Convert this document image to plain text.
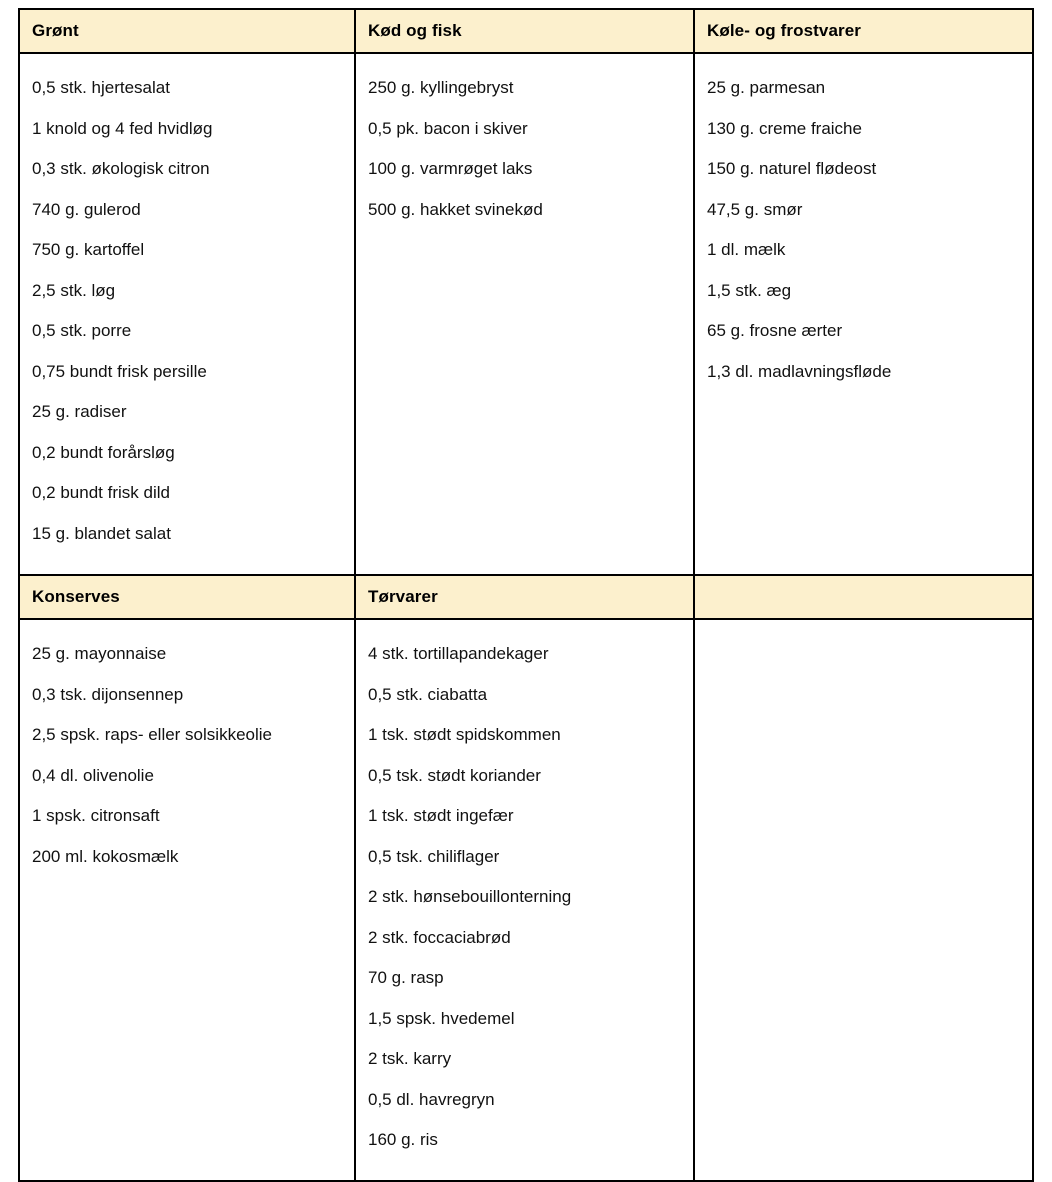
Grønt	Kød og fisk	Køle- og frostvarer

0,5 stk. hjertesalat
1 knold og 4 fed hvidløg
0,3 stk. økologisk citron
740 g. gulerod
750 g. kartoffel
2,5 stk. løg
0,5 stk. porre
0,75 bundt frisk persille
25 g. radiser
0,2 bundt forårsløg
0,2 bundt frisk dild
15 g. blandet salat

250 g. kyllingebryst
0,5 pk. bacon i skiver
100 g. varmrøget laks
500 g. hakket svinekød

25 g. parmesan
130 g. creme fraiche
150 g. naturel flødeost
47,5 g. smør
1 dl. mælk
1,5 stk. æg
65 g. frosne ærter
1,3 dl. madlavningsfløde

Konserves	Tørvarer	

25 g. mayonnaise
0,3 tsk. dijonsennep
2,5 spsk. raps- eller solsikkeolie
0,4 dl. olivenolie
1 spsk. citronsaft
200 ml. kokosmælk

4 stk. tortillapandekager
0,5 stk. ciabatta
1 tsk. stødt spidskommen
0,5 tsk. stødt koriander
1 tsk. stødt ingefær
0,5 tsk. chiliflager
2 stk. hønsebouillonterning
2 stk. foccaciabrød
70 g. rasp
1,5 spsk. hvedemel
2 tsk. karry
0,5 dl. havregryn
160 g. ris
